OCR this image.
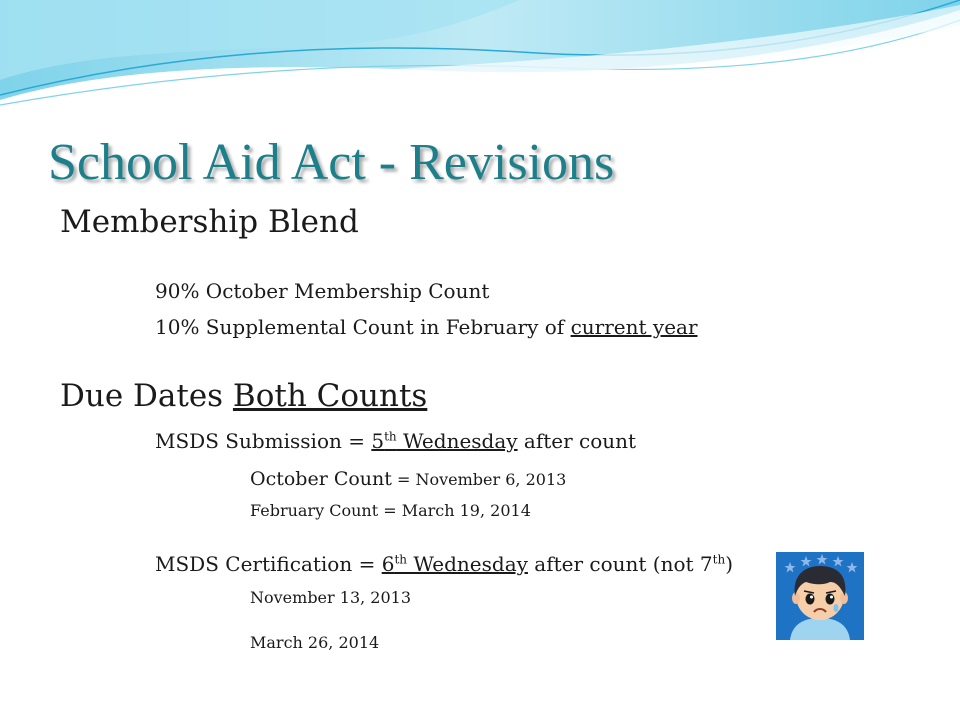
School Aid Act - Revisions
Membership Blend
90% October Membership Count
10% Supplemental Count in February of current year
Due Dates Both Counts
MSDS Submission = 5th Wednesday after count
October Count = November 6, 2013
February Count = March 19, 2014
MSDS Certification = 6th Wednesday after count (not 7th)
November 13, 2013
March 26, 2014
